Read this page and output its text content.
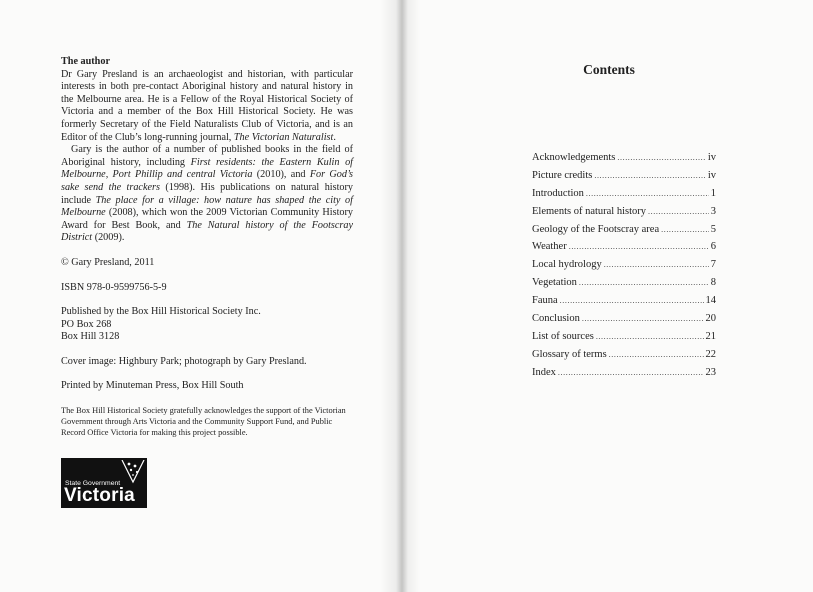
The author

Dr Gary Presland is an archaeologist and historian, with particular interests in both pre-contact Aboriginal history and natural history in the Melbourne area. He is a Fellow of the Royal Historical Society of Victoria and a member of the Box Hill Historical Society. He was formerly Secretary of the Field Naturalists Club of Victoria, and is an Editor of the Club’s long-running journal, The Victorian Naturalist.

Gary is the author of a number of published books in the field of Aboriginal history, including First residents: the Eastern Kulin of Melbourne, Port Phillip and central Victoria (2010), and For God’s sake send the trackers (1998). His publications on natural history include The place for a village: how nature has shaped the city of Melbourne (2008), which won the 2009 Victorian Community History Award for Best Book, and The Natural history of the Footscray District (2009).

© Gary Presland, 2011
ISBN 978-0-9599756-5-9
Published by the Box Hill Historical Society Inc.
PO Box 268
Box Hill 3128
Cover image: Highbury Park; photograph by Gary Presland.
Printed by Minuteman Press, Box Hill South

The Box Hill Historical Society gratefully acknowledges the support of the Victorian Government through Arts Victoria and the Community Support Fund, and Public Record Office Victoria for making this project possible.

State Government
Victoria
Contents
Acknowledgements .....	iv
Picture credits .....	iv
Introduction .....	1
Elements of natural history .....	3
Geology of the Footscray area .....	5
Weather .....	6
Local hydrology .....	7
Vegetation .....	8
Fauna .....	14
Conclusion .....	20
List of sources .....	21
Glossary of terms .....	22
Index .....	23
